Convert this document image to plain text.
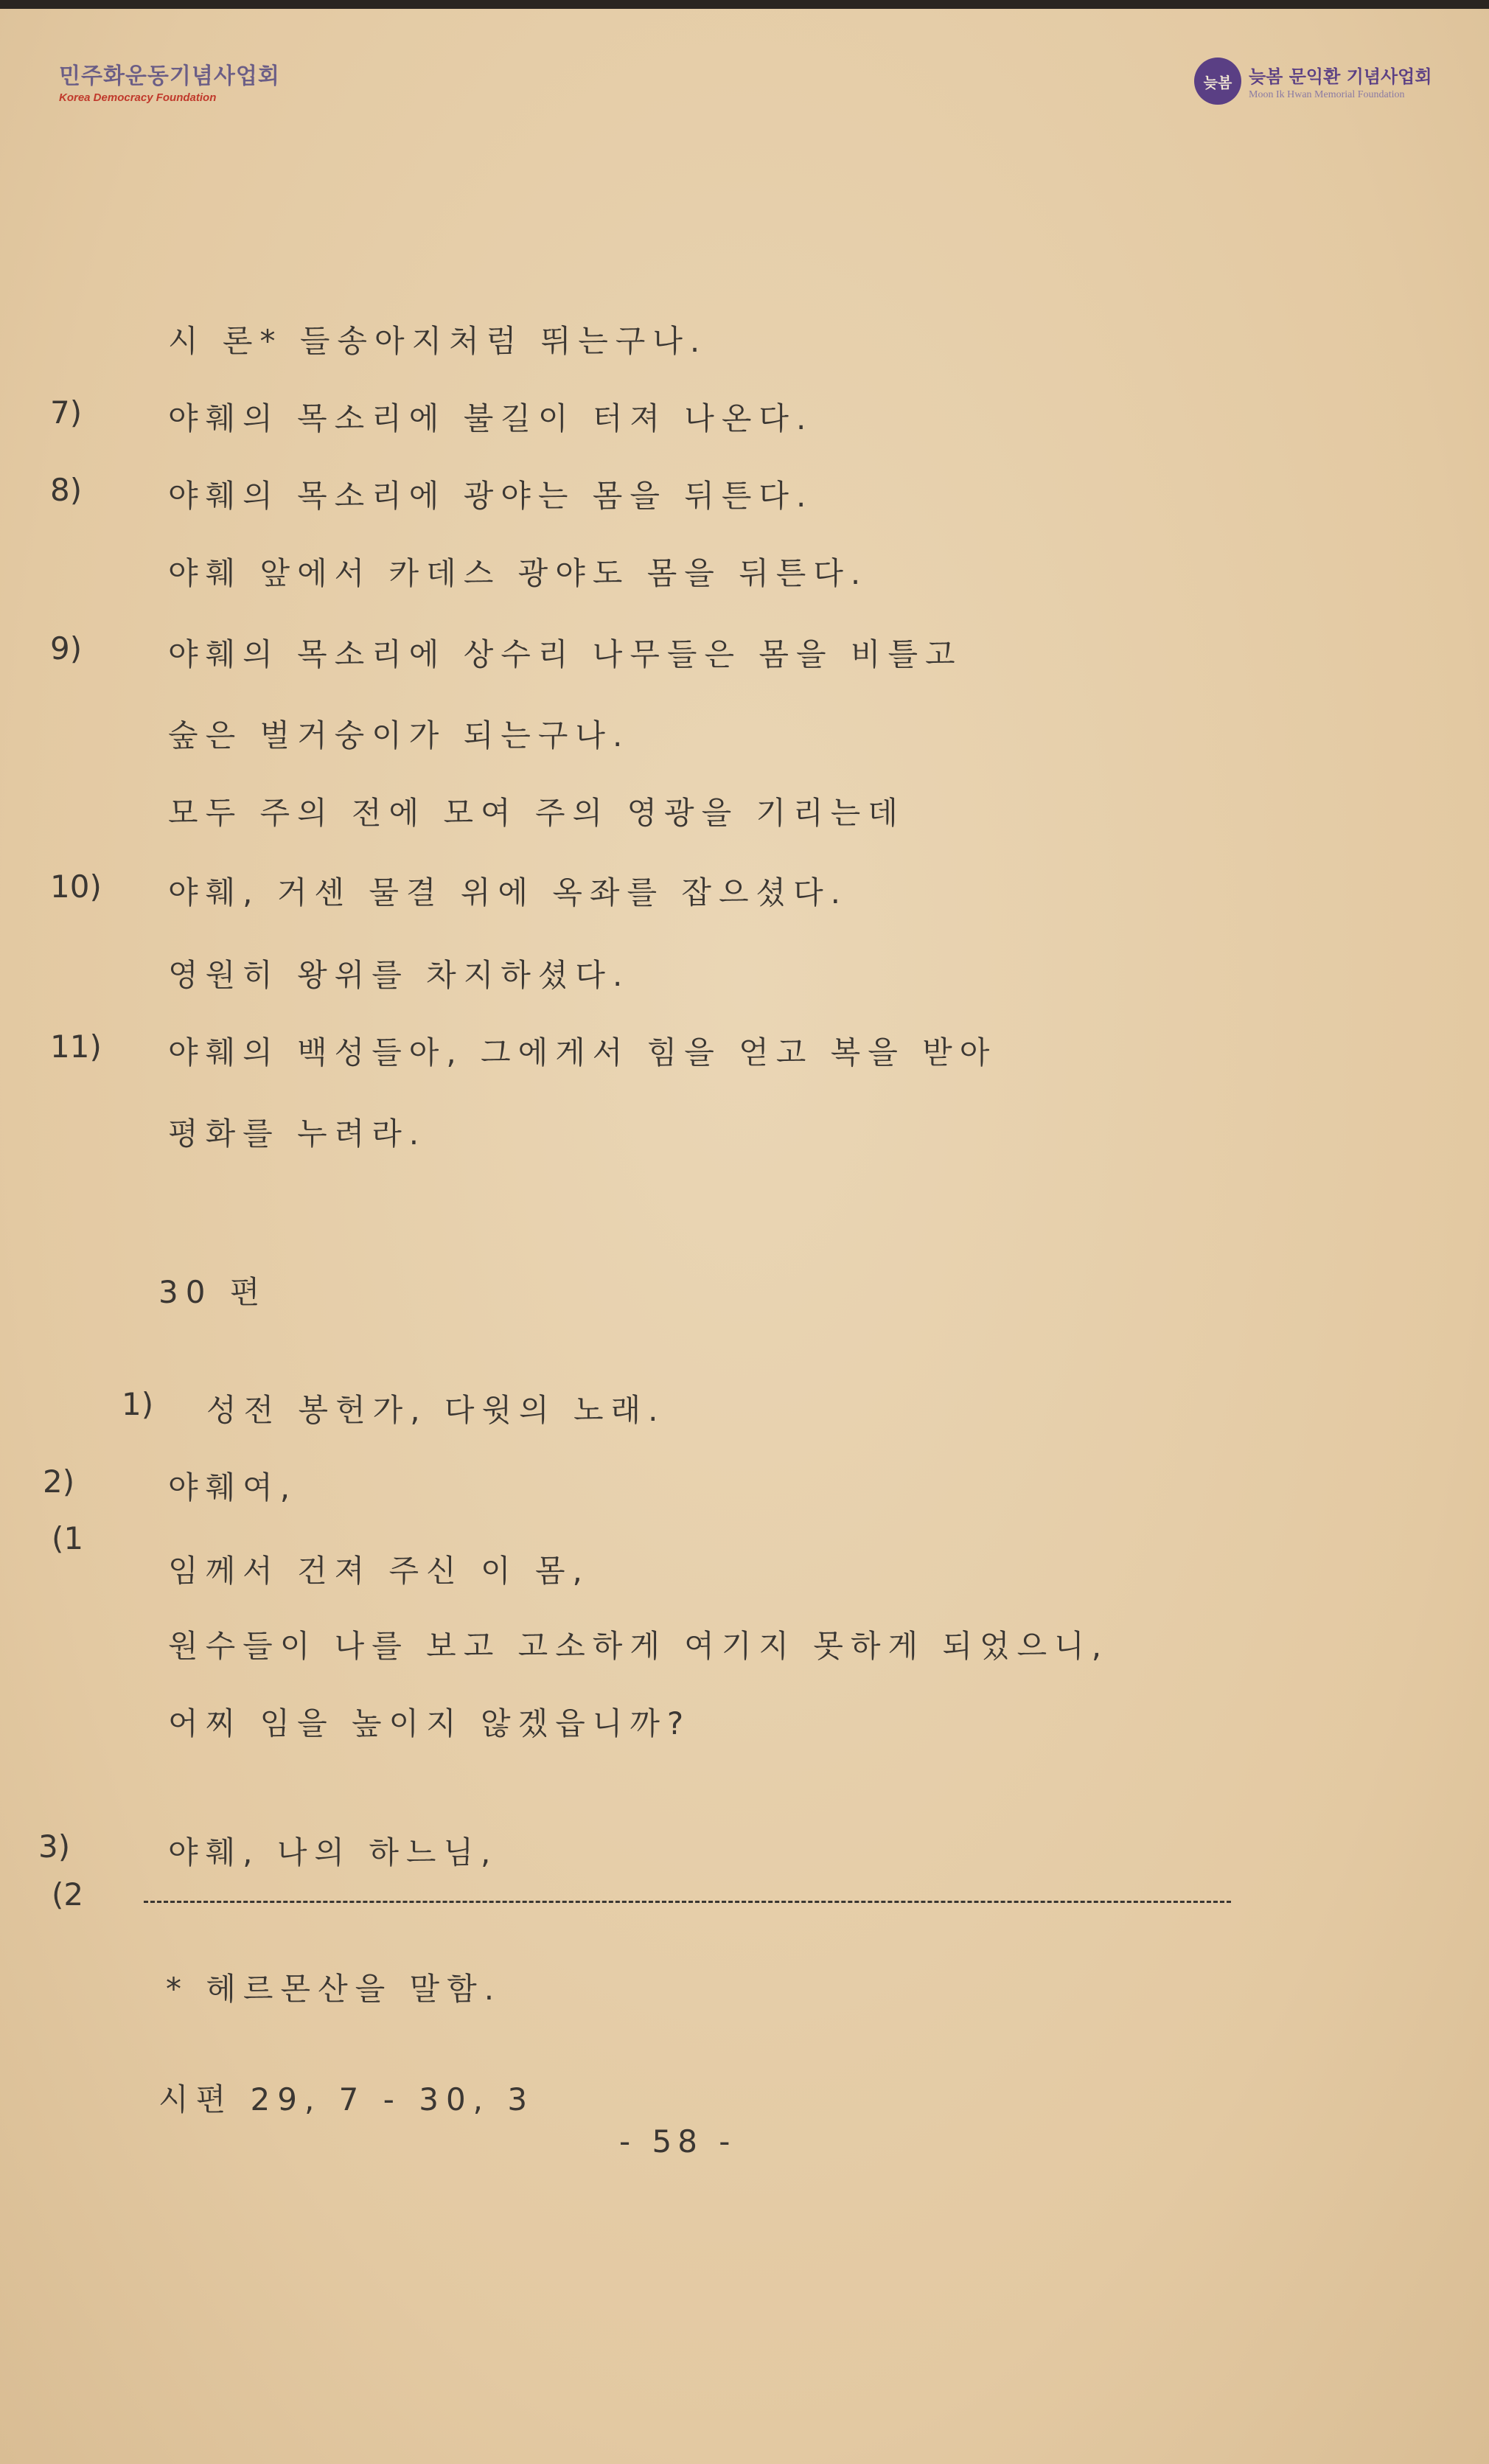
민주화운동기념사업회
Korea Democracy Foundation
늦봄 늦봄 문익환 기념사업회
Moon Ik Hwan Memorial Foundation
시 론* 들송아지처럼 뛰는구나.
7)	야훼의 목소리에 불길이 터져 나온다.
8)	야훼의 목소리에 광야는 몸을 뒤튼다.
야훼 앞에서 카데스 광야도 몸을 뒤튼다.
9)	야훼의 목소리에 상수리 나무들은 몸을 비틀고
숲은 벌거숭이가 되는구나.
모두 주의 전에 모여 주의 영광을 기리는데
10) 야훼, 거센 물결 위에 옥좌를 잡으셨다.
영원히 왕위를 차지하셨다.
11) 야훼의 백성들아, 그에게서 힘을 얻고 복을 받아
평화를 누려라.
30 편
1) 성전 봉헌가, 다윗의 노래.
2)	야훼여,
(1
임께서 건져 주신 이 몸,
원수들이 나를 보고 고소하게 여기지 못하게 되었으니,
어찌 임을 높이지 않겠읍니까?
3)	야훼, 나의 하느님,
(2
* 헤르몬산을 말함.
시편 29, 7 - 30, 3
- 58 -
